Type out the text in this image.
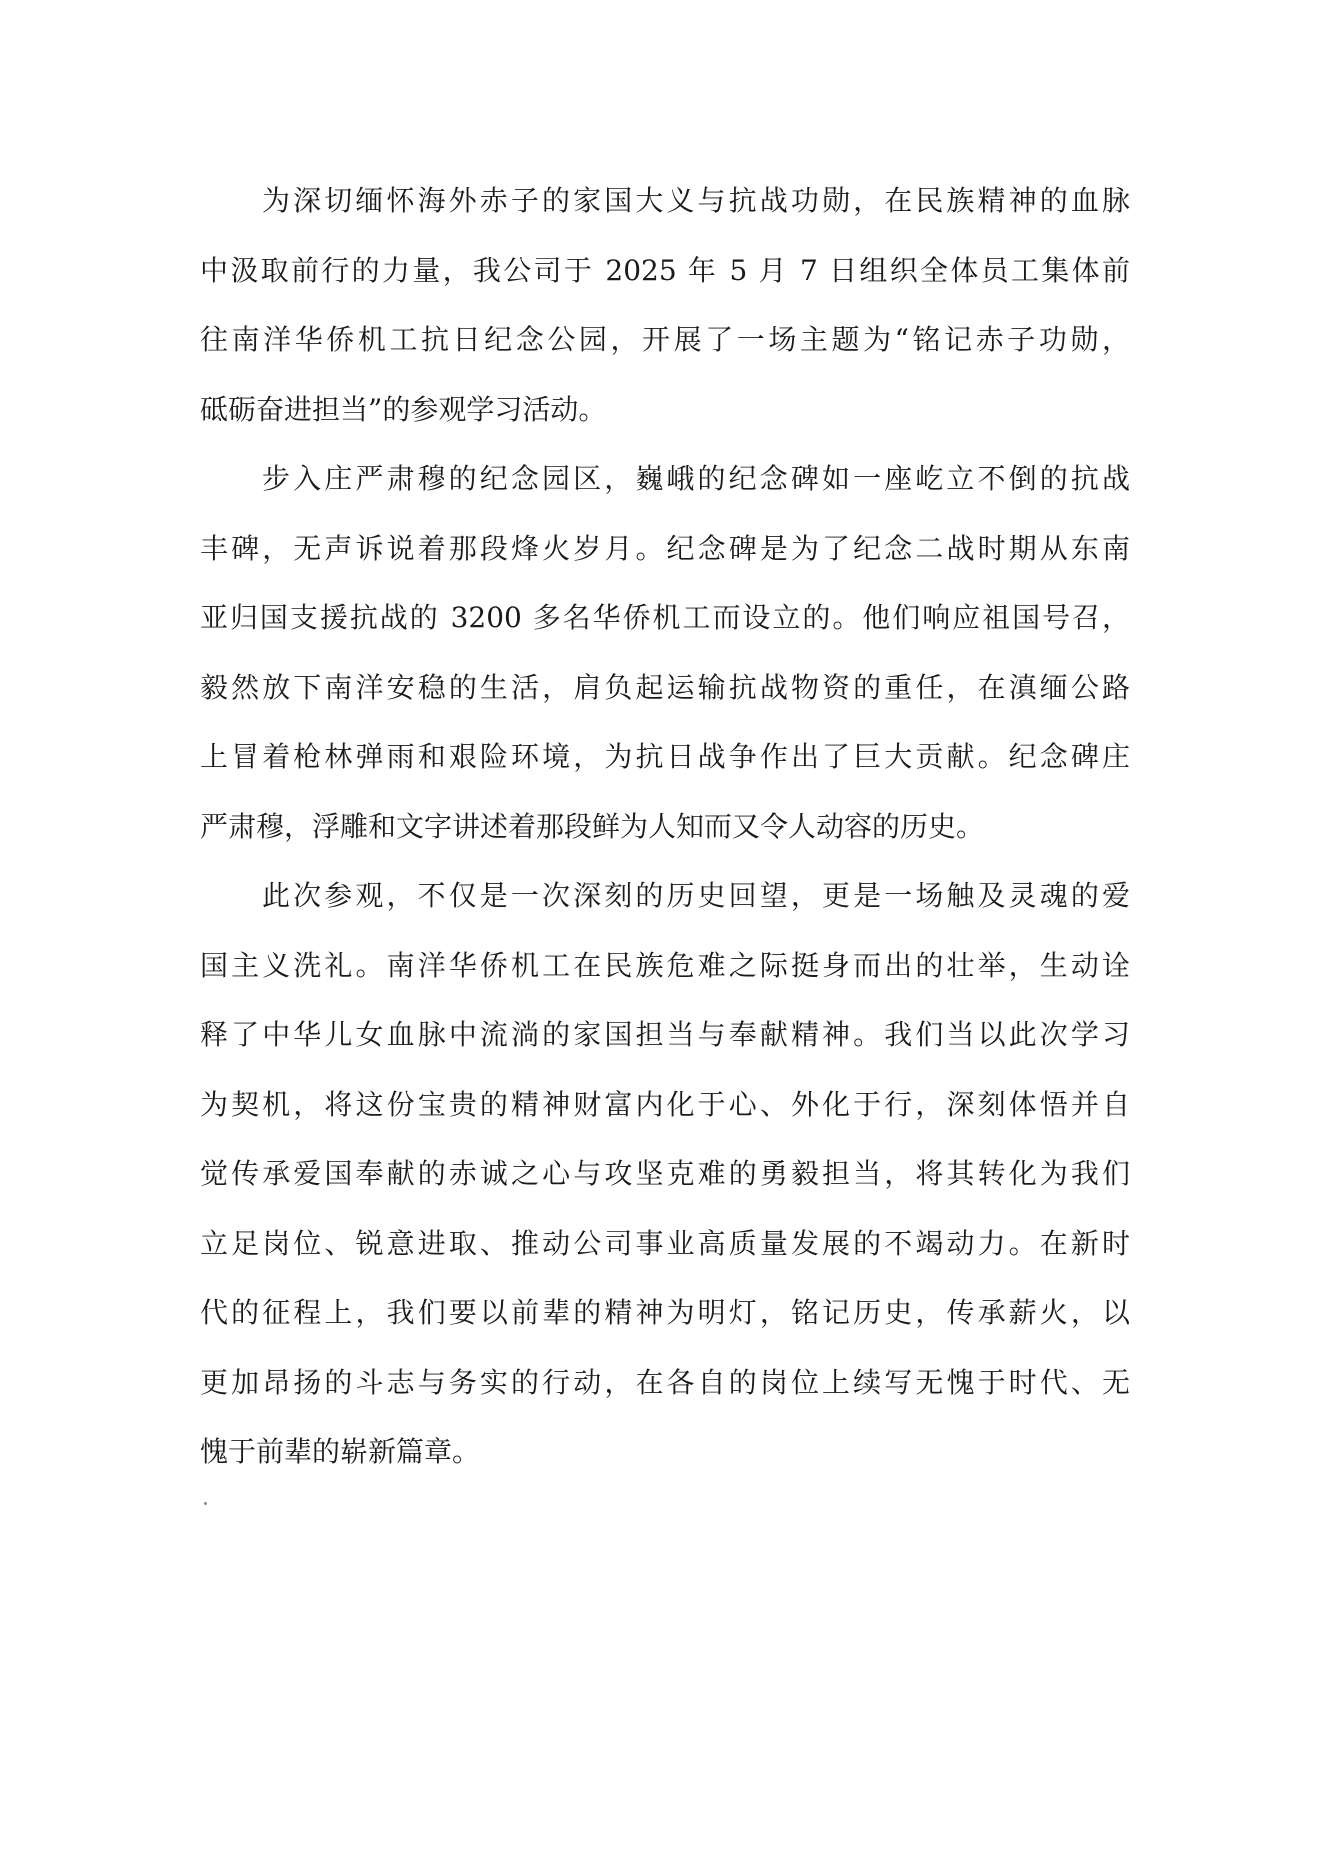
为深切缅怀海外赤子的家国大义与抗战功勋，在民族精神的血脉
中汲取前行的力量，我公司于 2025 年 5 月 7 日组织全体员工集体前
往南洋华侨机工抗日纪念公园，开展了一场主题为“铭记赤子功勋，
砥砺奋进担当”的参观学习活动。
步入庄严肃穆的纪念园区，巍峨的纪念碑如一座屹立不倒的抗战
丰碑，无声诉说着那段烽火岁月。纪念碑是为了纪念二战时期从东南
亚归国支援抗战的 3200 多名华侨机工而设立的。他们响应祖国号召，
毅然放下南洋安稳的生活，肩负起运输抗战物资的重任，在滇缅公路
上冒着枪林弹雨和艰险环境，为抗日战争作出了巨大贡献。纪念碑庄
严肃穆，浮雕和文字讲述着那段鲜为人知而又令人动容的历史。
此次参观，不仅是一次深刻的历史回望，更是一场触及灵魂的爱
国主义洗礼。南洋华侨机工在民族危难之际挺身而出的壮举，生动诠
释了中华儿女血脉中流淌的家国担当与奉献精神。我们当以此次学习
为契机，将这份宝贵的精神财富内化于心、外化于行，深刻体悟并自
觉传承爱国奉献的赤诚之心与攻坚克难的勇毅担当，将其转化为我们
立足岗位、锐意进取、推动公司事业高质量发展的不竭动力。在新时
代的征程上，我们要以前辈的精神为明灯，铭记历史，传承薪火，以
更加昂扬的斗志与务实的行动，在各自的岗位上续写无愧于时代、无
愧于前辈的崭新篇章。
